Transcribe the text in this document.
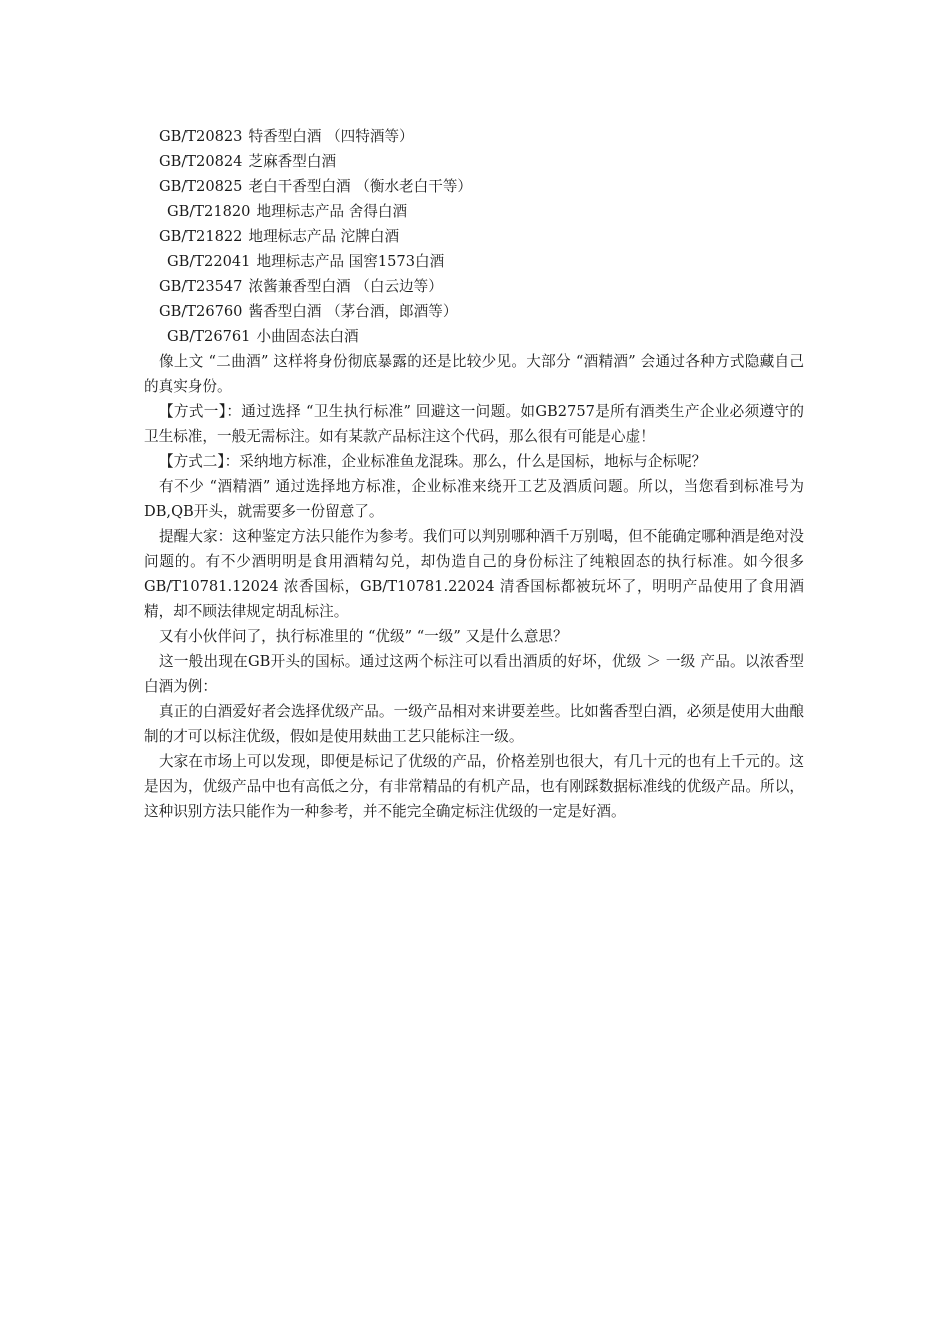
GB/T20823 特香型白酒 （四特酒等）
GB/T20824 芝麻香型白酒
GB/T20825 老白干香型白酒 （衡水老白干等）
GB/T21820 地理标志产品 舍得白酒
GB/T21822 地理标志产品 沱牌白酒
GB/T22041 地理标志产品 国窖1573白酒
GB/T23547 浓酱兼香型白酒 （白云边等）
GB/T26760 酱香型白酒 （茅台酒，郎酒等）
GB/T26761 小曲固态法白酒

像上文 “二曲酒” 这样将身份彻底暴露的还是比较少见。大部分 “酒精酒” 会通过各种方式隐藏自己的真实身份。

【方式一】：通过选择 “卫生执行标准” 回避这一问题。如GB2757是所有酒类生产企业必须遵守的卫生标准，一般无需标注。如有某款产品标注这个代码，那么很有可能是心虚！

【方式二】：采纳地方标准，企业标准鱼龙混珠。那么，什么是国标，地标与企标呢？

有不少 “酒精酒” 通过选择地方标准，企业标准来绕开工艺及酒质问题。所以，当您看到标准号为DB,QB开头，就需要多一份留意了。

提醒大家：这种鉴定方法只能作为参考。我们可以判别哪种酒千万别喝，但不能确定哪种酒是绝对没问题的。有不少酒明明是食用酒精勾兑，却伪造自己的身份标注了纯粮固态的执行标准。如今很多GB/T10781.12024 浓香国标，GB/T10781.22024 清香国标都被玩坏了，明明产品使用了食用酒精，却不顾法律规定胡乱标注。

又有小伙伴问了，执行标准里的 “优级” “一级” 又是什么意思？

这一般出现在GB开头的国标。通过这两个标注可以看出酒质的好坏，优级 ＞ 一级 产品。以浓香型白酒为例：

真正的白酒爱好者会选择优级产品。一级产品相对来讲要差些。比如酱香型白酒，必须是使用大曲酿制的才可以标注优级，假如是使用麸曲工艺只能标注一级。

大家在市场上可以发现，即便是标记了优级的产品，价格差别也很大，有几十元的也有上千元的。这是因为，优级产品中也有高低之分，有非常精品的有机产品，也有刚踩数据标准线的优级产品。所以，这种识别方法只能作为一种参考，并不能完全确定标注优级的一定是好酒。
